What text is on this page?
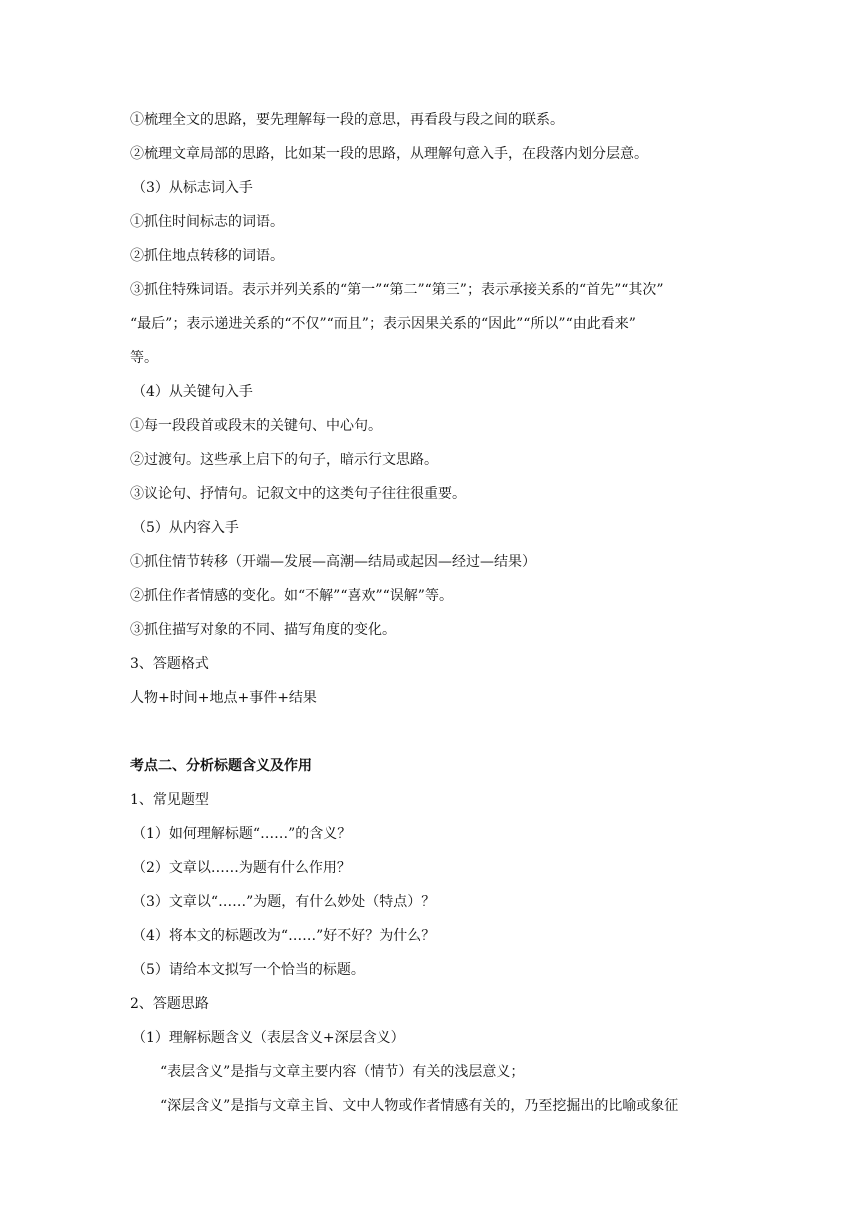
①梳理全文的思路，要先理解每一段的意思，再看段与段之间的联系。
②梳理文章局部的思路，比如某一段的思路，从理解句意入手，在段落内划分层意。
（3）从标志词入手
①抓住时间标志的词语。
②抓住地点转移的词语。
③抓住特殊词语。表示并列关系的“第一”“第二”“第三”；表示承接关系的“首先”“其次”
“最后”；表示递进关系的“不仅”“而且”；表示因果关系的“因此”“所以”“由此看来”
等。
（4）从关键句入手
①每一段段首或段末的关键句、中心句。
②过渡句。这些承上启下的句子，暗示行文思路。
③议论句、抒情句。记叙文中的这类句子往往很重要。
（5）从内容入手
①抓住情节转移（开端—发展—高潮—结局或起因—经过—结果）
②抓住作者情感的变化。如“不解”“喜欢”“误解”等。
③抓住描写对象的不同、描写角度的变化。
3、答题格式
人物+时间+地点+事件+结果
考点二、分析标题含义及作用
1、常见题型
（1）如何理解标题“……”的含义？
（2）文章以……为题有什么作用？
（3）文章以“……”为题，有什么妙处（特点）？
（4）将本文的标题改为“……”好不好？为什么？
（5）请给本文拟写一个恰当的标题。
2、答题思路
（1）理解标题含义（表层含义+深层含义）
“表层含义”是指与文章主要内容（情节）有关的浅层意义；
“深层含义”是指与文章主旨、文中人物或作者情感有关的，乃至挖掘出的比喻或象征
